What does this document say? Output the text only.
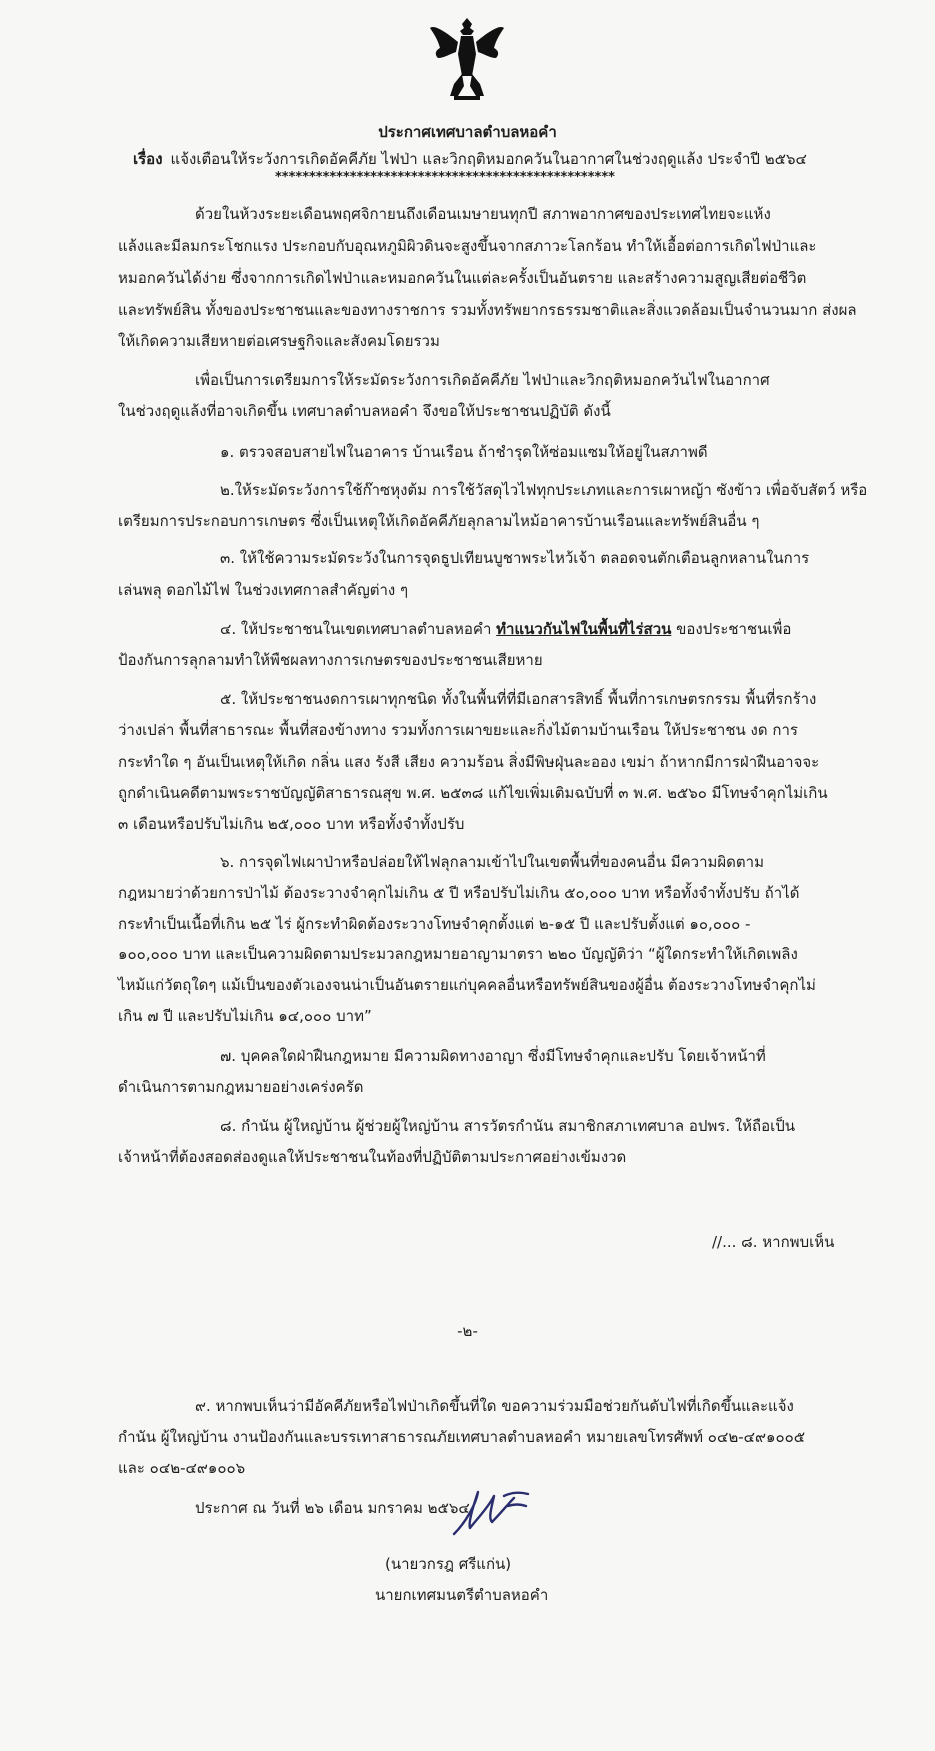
ประกาศเทศบาลตำบลหอคำ
เรื่อง แจ้งเตือนให้ระวังการเกิดอัคคีภัย ไฟป่า และวิกฤติหมอกควันในอากาศในช่วงฤดูแล้ง ประจำปี ๒๕๖๔
**************************************************
ด้วยในห้วงระยะเดือนพฤศจิกายนถึงเดือนเมษายนทุกปี สภาพอากาศของประเทศไทยจะแห้ง
แล้งและมีลมกระโชกแรง ประกอบกับอุณหภูมิผิวดินจะสูงขึ้นจากสภาวะโลกร้อน ทำให้เอื้อต่อการเกิดไฟป่าและ
หมอกควันได้ง่าย ซึ่งจากการเกิดไฟป่าและหมอกควันในแต่ละครั้งเป็นอันตราย และสร้างความสูญเสียต่อชีวิต
และทรัพย์สิน ทั้งของประชาชนและของทางราชการ รวมทั้งทรัพยากรธรรมชาติและสิ่งแวดล้อมเป็นจำนวนมาก ส่งผล
ให้เกิดความเสียหายต่อเศรษฐกิจและสังคมโดยรวม
เพื่อเป็นการเตรียมการให้ระมัดระวังการเกิดอัคคีภัย ไฟป่าและวิกฤติหมอกควันไฟในอากาศ
ในช่วงฤดูแล้งที่อาจเกิดขึ้น เทศบาลตำบลหอคำ จึงขอให้ประชาชนปฏิบัติ ดังนี้
๑. ตรวจสอบสายไฟในอาคาร บ้านเรือน ถ้าชำรุดให้ซ่อมแซมให้อยู่ในสภาพดี
๒.ให้ระมัดระวังการใช้ก๊าซหุงต้ม การใช้วัสดุไวไฟทุกประเภทและการเผาหญ้า ซังข้าว เพื่อจับสัตว์ หรือ
เตรียมการประกอบการเกษตร ซึ่งเป็นเหตุให้เกิดอัคคีภัยลุกลามไหม้อาคารบ้านเรือนและทรัพย์สินอื่น ๆ
๓. ให้ใช้ความระมัดระวังในการจุดธูปเทียนบูชาพระไหว้เจ้า ตลอดจนตักเตือนลูกหลานในการ
เล่นพลุ ดอกไม้ไฟ ในช่วงเทศกาลสำคัญต่าง ๆ
๔. ให้ประชาชนในเขตเทศบาลตำบลหอคำ ทำแนวกันไฟในพื้นที่ไร่สวน ของประชาชนเพื่อ
ป้องกันการลุกลามทำให้พืชผลทางการเกษตรของประชาชนเสียหาย
๕. ให้ประชาชนงดการเผาทุกชนิด ทั้งในพื้นที่ที่มีเอกสารสิทธิ์ พื้นที่การเกษตรกรรม พื้นที่รกร้าง
ว่างเปล่า พื้นที่สาธารณะ พื้นที่สองข้างทาง รวมทั้งการเผาขยะและกิ่งไม้ตามบ้านเรือน ให้ประชาชน งด การ
กระทำใด ๆ อันเป็นเหตุให้เกิด กลิ่น แสง รังสี เสียง ความร้อน สิ่งมีพิษฝุ่นละออง เขม่า ถ้าหากมีการฝ่าฝืนอาจจะ
ถูกดำเนินคดีตามพระราชบัญญัติสาธารณสุข พ.ศ. ๒๕๓๘ แก้ไขเพิ่มเติมฉบับที่ ๓ พ.ศ. ๒๕๖๐ มีโทษจำคุกไม่เกิน
๓ เดือนหรือปรับไม่เกิน ๒๕,๐๐๐ บาท หรือทั้งจำทั้งปรับ
๖. การจุดไฟเผาป่าหรือปล่อยให้ไฟลุกลามเข้าไปในเขตพื้นที่ของคนอื่น มีความผิดตาม
กฎหมายว่าด้วยการป่าไม้ ต้องระวางจำคุกไม่เกิน ๕ ปี หรือปรับไม่เกิน ๕๐,๐๐๐ บาท หรือทั้งจำทั้งปรับ ถ้าได้
กระทำเป็นเนื้อที่เกิน ๒๕ ไร่ ผู้กระทำผิดต้องระวางโทษจำคุกตั้งแต่ ๒-๑๕ ปี และปรับตั้งแต่ ๑๐,๐๐๐ -
๑๐๐,๐๐๐ บาท และเป็นความผิดตามประมวลกฎหมายอาญามาตรา ๒๒๐ บัญญัติว่า “ผู้ใดกระทำให้เกิดเพลิง
ไหม้แก่วัตถุใดๆ แม้เป็นของตัวเองจนน่าเป็นอันตรายแก่บุคคลอื่นหรือทรัพย์สินของผู้อื่น ต้องระวางโทษจำคุกไม่
เกิน ๗ ปี และปรับไม่เกิน ๑๔,๐๐๐ บาท”
๗. บุคคลใดฝ่าฝืนกฎหมาย มีความผิดทางอาญา ซึ่งมีโทษจำคุกและปรับ โดยเจ้าหน้าที่
ดำเนินการตามกฎหมายอย่างเคร่งครัด
๘. กำนัน ผู้ใหญ่บ้าน ผู้ช่วยผู้ใหญ่บ้าน สารวัตรกำนัน สมาชิกสภาเทศบาล อปพร. ให้ถือเป็น
เจ้าหน้าที่ต้องสอดส่องดูแลให้ประชาชนในท้องที่ปฏิบัติตามประกาศอย่างเข้มงวด
//... ๘. หากพบเห็น
-๒-
๙. หากพบเห็นว่ามีอัคคีภัยหรือไฟป่าเกิดขึ้นที่ใด ขอความร่วมมือช่วยกันดับไฟที่เกิดขึ้นและแจ้ง
กำนัน ผู้ใหญ่บ้าน งานป้องกันและบรรเทาสาธารณภัยเทศบาลตำบลหอคำ หมายเลขโทรศัพท์ ๐๔๒-๔๙๑๐๐๕
และ ๐๔๒-๔๙๑๐๐๖
ประกาศ ณ วันที่ ๒๖ เดือน มกราคม ๒๕๖๔
(นายวกรฎ ศรีแก่น)
นายกเทศมนตรีตำบลหอคำ
